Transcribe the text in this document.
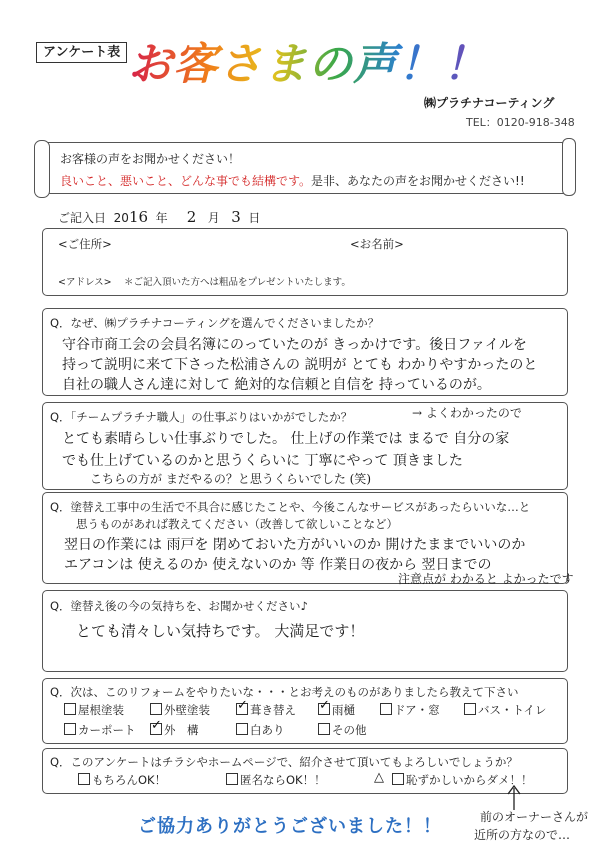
アンケート表 お客さまの声！！
㈱プラチナコーティング
TEL：0120-918-348
お客様の声をお聞かせください！
良いこと、悪いこと、どんな事でも結構です。是非、あなたの声をお聞かせください!!
ご記入日 2016 年 2 月 3 日
<ご住所>	<お名前>
<アドレス> ＊ご記入頂いた方へは粗品をプレゼントいたします。
Q．なぜ、㈱プラチナコーティングを選んでくださいましたか？
守谷市商工会の会員名簿にのっていたのが きっかけです。後日ファイルを
持って説明に来て下さった松浦さんの 説明が とても わかりやすかったのと
自社の職人さん達に対して 絶対的な信頼と自信を 持っているのが。
Q．「チームプラチナ職人」の仕事ぶりはいかがでしたか？	→ よくわかったので
とても素晴らしい仕事ぶりでした。 仕上げの作業では まるで 自分の家
でも仕上げているのかと思うくらいに 丁寧にやって 頂きました
こちらの方が まだやるの？と思うくらいでした (笑)
Q．塗替え工事中の生活で不具合に感じたことや、今後こんなサービスがあったらいいな…と
思うものがあれば教えてください（改善して欲しいことなど）
翌日の作業には 雨戸を 閉めておいた方がいいのか 開けたままでいいのか
エアコンは 使えるのか 使えないのか 等 作業日の夜から 翌日までの
注意点が わかると よかったです
Q．塗替え後の今の気持ちを、お聞かせください♪
とても清々しい気持ちです。 大満足です！
Q．次は、このリフォームをやりたいな・・・とお考えのものがありましたら教えて下さい
屋根塗装	外壁塗装 ✓	葺き替え ✓	雨樋	ドア・窓	バス・トイレ
カーポート ✓	外　構	白あり	その他
Q．このアンケートはチラシやホームページで、紹介させて頂いてもよろしいでしょうか？
もちろんOK！	匿名ならOK！！	△	恥ずかしいからダメ！！
前のオーナーさんが
近所の方なので…
ご協力ありがとうございました！！
